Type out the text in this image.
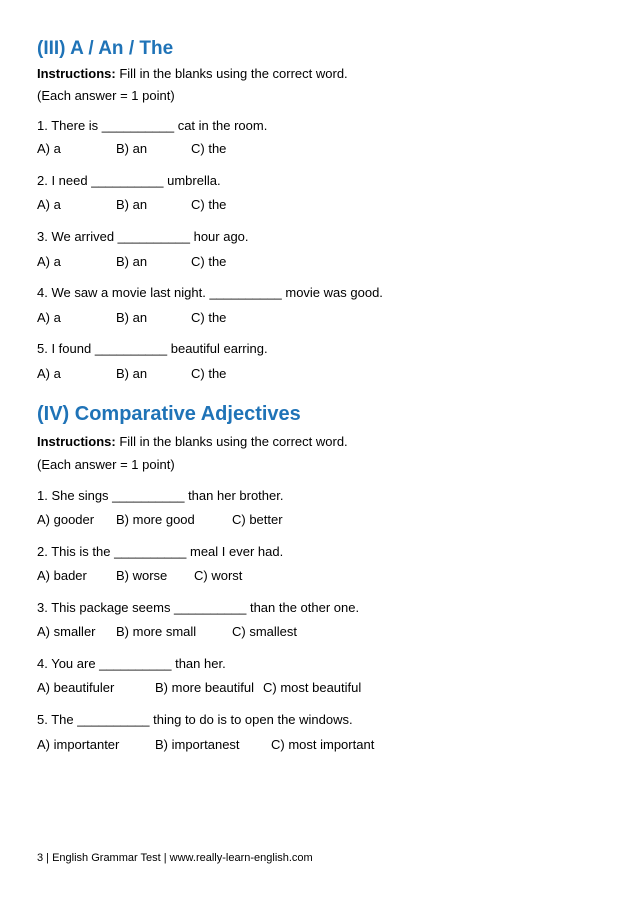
(III) A / An / The
Instructions: Fill in the blanks using the correct word.
(Each answer = 1 point)
1. There is __________ cat in the room.
A) a	B) an	C) the
2. I need __________ umbrella.
A) a	B) an	C) the
3. We arrived __________ hour ago.
A) a	B) an	C) the
4. We saw a movie last night. __________ movie was good.
A) a	B) an	C) the
5. I found __________ beautiful earring.
A) a	B) an	C) the
(IV) Comparative Adjectives
Instructions: Fill in the blanks using the correct word.
(Each answer = 1 point)
1. She sings __________ than her brother.
A) gooder B) more good	C) better
2. This is the __________ meal I ever had.
A) bader B) worse C) worst
3. This package seems __________ than the other one.
A) smaller B) more small	C) smallest
4. You are __________ than her.
A) beautifuler	B) more beautiful C) most beautiful
5. The __________ thing to do is to open the windows.
A) importanter	B) importanest C) most important
3 | English Grammar Test | www.really-learn-english.com
